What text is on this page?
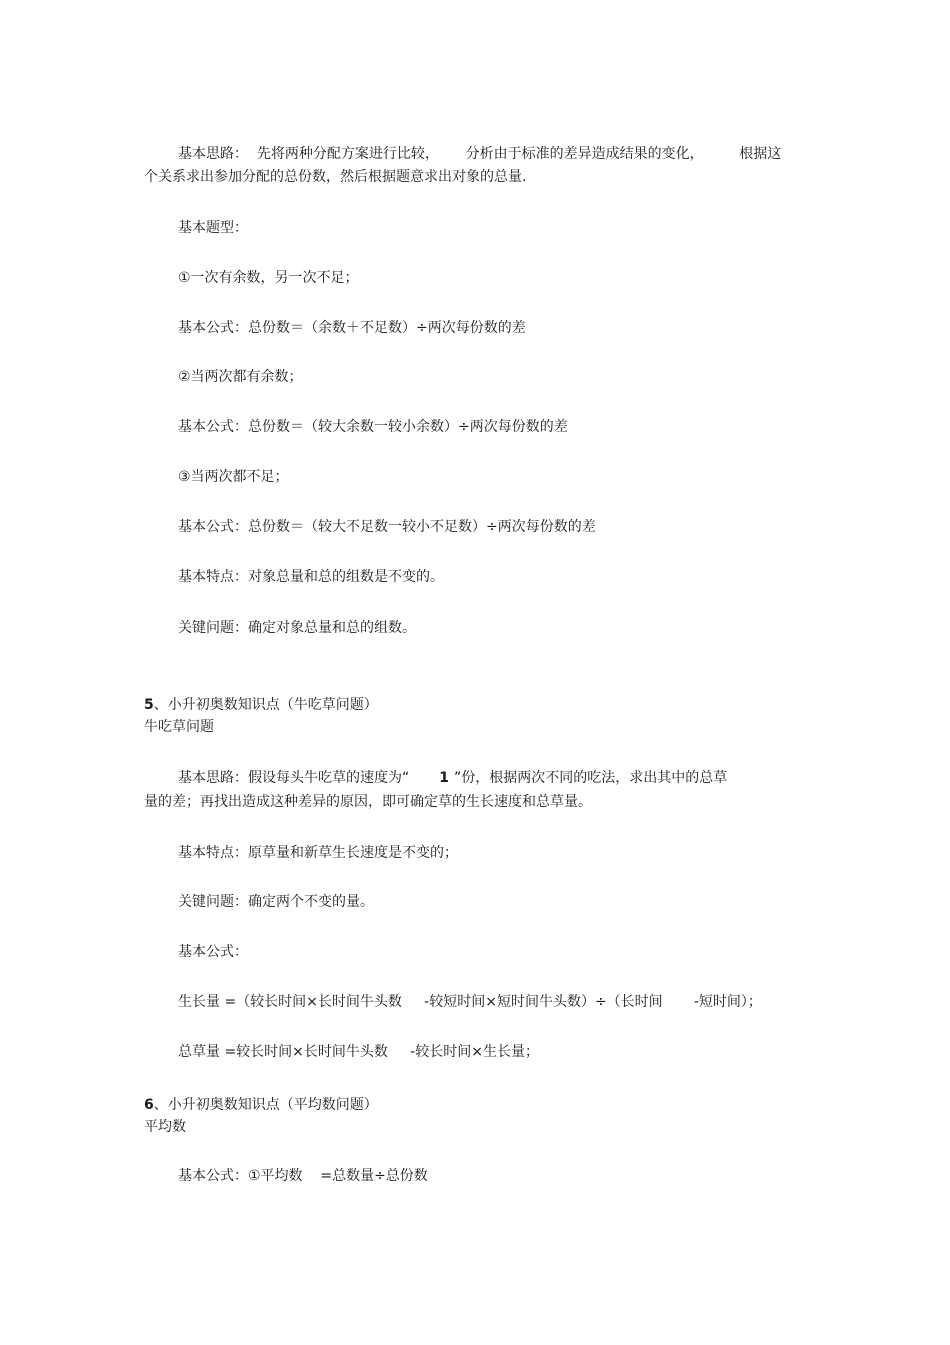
基本思路：  先将两种分配方案进行比较，      分析由于标准的差异造成结果的变化，        根据这
个关系求出参加分配的总份数，然后根据题意求出对象的总量.
基本题型：
①一次有余数，另一次不足；
基本公式：总份数＝（余数＋不足数）÷两次每份数的差
②当两次都有余数；
基本公式：总份数＝（较大余数一较小余数）÷两次每份数的差
③当两次都不足；
基本公式：总份数＝（较大不足数一较小不足数）÷两次每份数的差
基本特点：对象总量和总的组数是不变的。
关键问题：确定对象总量和总的组数。
5、小升初奥数知识点（牛吃草问题）
牛吃草问题
基本思路：假设每头牛吃草的速度为“ 1 ”份，根据两次不同的吃法，求出其中的总草
量的差；再找出造成这种差异的原因，即可确定草的生长速度和总草量。
基本特点：原草量和新草生长速度是不变的；
关键问题：确定两个不变的量。
基本公式：
生长量 =（较长时间×长时间牛头数     -较短时间×短时间牛头数）÷（长时间       -短时间）；
总草量 =较长时间×长时间牛头数     -较长时间×生长量；
6、小升初奥数知识点（平均数问题）
平均数
基本公式：①平均数    =总数量÷总份数
